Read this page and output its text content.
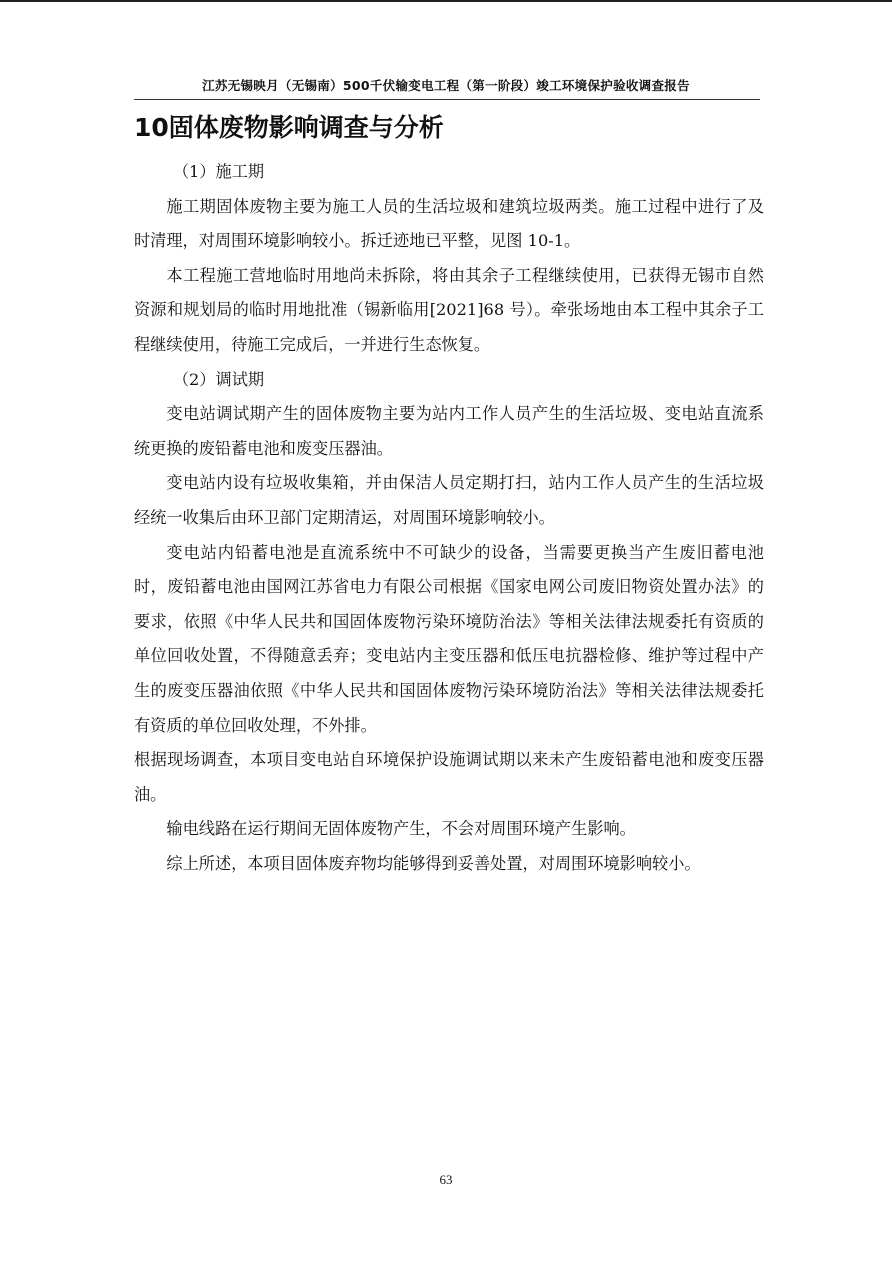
江苏无锡映月（无锡南）500千伏输变电工程（第一阶段）竣工环境保护验收调查报告
10固体废物影响调查与分析

（1）施工期

施工期固体废物主要为施工人员的生活垃圾和建筑垃圾两类。施工过程中进行了及时清理，对周围环境影响较小。拆迁迹地已平整，见图 10-1。

本工程施工营地临时用地尚未拆除，将由其余子工程继续使用，已获得无锡市自然资源和规划局的临时用地批准（锡新临用[2021]68 号）。牵张场地由本工程中其余子工程继续使用，待施工完成后，一并进行生态恢复。

（2）调试期

变电站调试期产生的固体废物主要为站内工作人员产生的生活垃圾、变电站直流系统更换的废铅蓄电池和废变压器油。

变电站内设有垃圾收集箱，并由保洁人员定期打扫，站内工作人员产生的生活垃圾经统一收集后由环卫部门定期清运，对周围环境影响较小。

变电站内铅蓄电池是直流系统中不可缺少的设备，当需要更换当产生废旧蓄电池时，废铅蓄电池由国网江苏省电力有限公司根据《国家电网公司废旧物资处置办法》的要求，依照《中华人民共和国固体废物污染环境防治法》等相关法律法规委托有资质的单位回收处置，不得随意丢弃；变电站内主变压器和低压电抗器检修、维护等过程中产生的废变压器油依照《中华人民共和国固体废物污染环境防治法》等相关法律法规委托有资质的单位回收处理，不外排。

根据现场调查，本项目变电站自环境保护设施调试期以来未产生废铅蓄电池和废变压器油。

输电线路在运行期间无固体废物产生，不会对周围环境产生影响。

综上所述，本项目固体废弃物均能够得到妥善处置，对周围环境影响较小。

63
